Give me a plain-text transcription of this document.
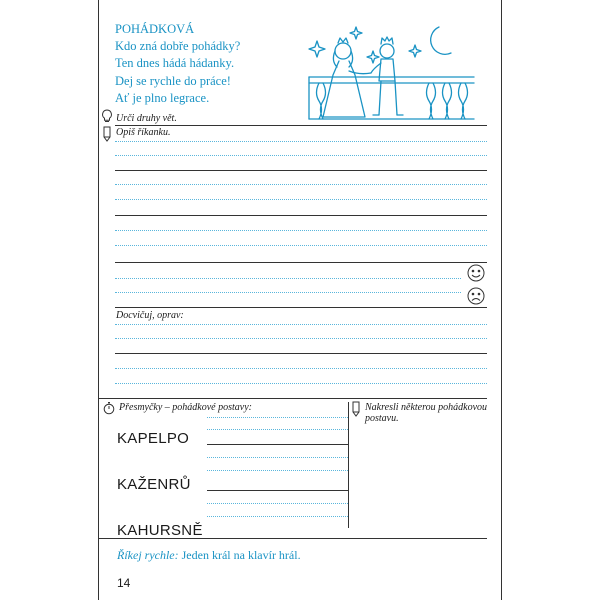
POHÁDKOVÁ
Kdo zná dobře pohádky?
Ten dnes hádá hádanky.
Dej se rychle do práce!
Ať je plno legrace.
Urči druhy vět.
Opiš říkanku.
Docvičuj, oprav:
Přesmyčky – pohádkové postavy:	Nakresli některou pohádkovou postavu.
KAPELPO
KAŽENRŮ
KAHURSNĚ
Říkej rychle: Jeden král na klavír hrál.
14
